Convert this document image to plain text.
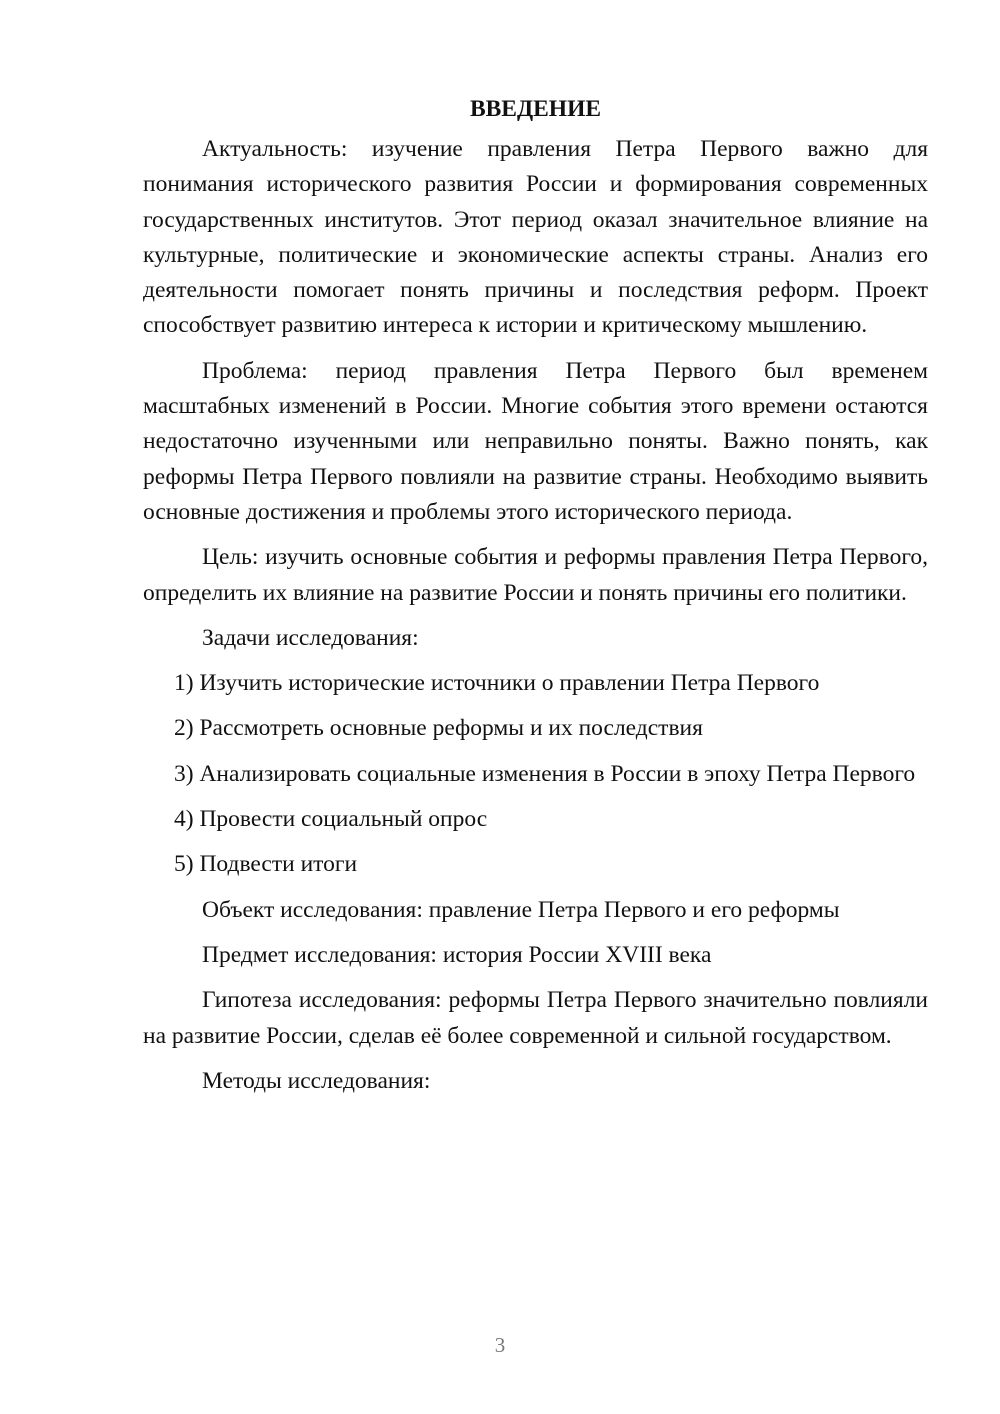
ВВЕДЕНИЕ

Актуальность: изучение правления Петра Первого важно для понимания исторического развития России и формирования современных государственных институтов. Этот период оказал значительное влияние на культурные, политические и экономические аспекты страны. Анализ его деятельности помогает понять причины и последствия реформ. Проект способствует развитию интереса к истории и критическому мышлению.

Проблема: период правления Петра Первого был временем масштабных изменений в России. Многие события этого времени остаются недостаточно изученными или неправильно поняты. Важно понять, как реформы Петра Первого повлияли на развитие страны. Необходимо выявить основные достижения и проблемы этого исторического периода.

Цель: изучить основные события и реформы правления Петра Первого, определить их влияние на развитие России и понять причины его политики.

Задачи исследования:

1) Изучить исторические источники о правлении Петра Первого

2) Рассмотреть основные реформы и их последствия

3) Анализировать социальные изменения в России в эпоху Петра Первого

4) Провести социальный опрос

5) Подвести итоги

Объект исследования: правление Петра Первого и его реформы

Предмет исследования: история России XVIII века

Гипотеза исследования: реформы Петра Первого значительно повлияли на развитие России, сделав её более современной и сильной государством.

Методы исследования:

3
